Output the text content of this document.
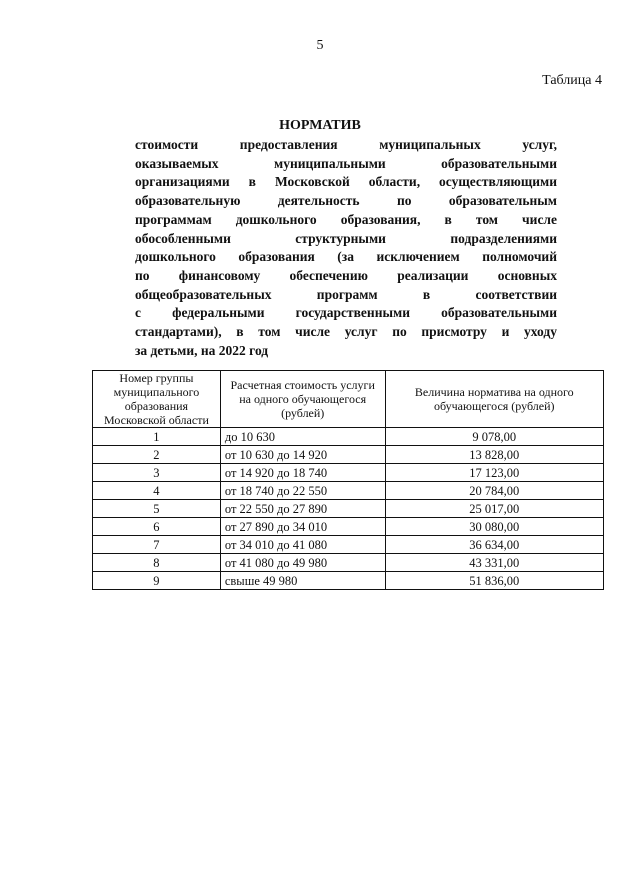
5
Таблица 4
НОРМАТИВ
стоимости предоставления муниципальных услуг,
оказываемых муниципальными образовательными
организациями в Московской области, осуществляющими
образовательную деятельность по образовательным
программам дошкольного образования, в том числе
обособленными структурными подразделениями
дошкольного образования (за исключением полномочий
по финансовому обеспечению реализации основных
общеобразовательных программ в соответствии
с федеральными государственными образовательными
стандартами), в том числе услуг по присмотру и уходу
за детьми, на 2022 год
Номер группы муниципального образования Московской области	Расчетная стоимость услуги на одного обучающегося (рублей)	Величина норматива на одного обучающегося (рублей)
1	до 10 630	9 078,00
2	от 10 630 до 14 920	13 828,00
3	от 14 920 до 18 740	17 123,00
4	от 18 740 до 22 550	20 784,00
5	от 22 550 до 27 890	25 017,00
6	от 27 890 до 34 010	30 080,00
7	от 34 010 до 41 080	36 634,00
8	от 41 080 до 49 980	43 331,00
9	свыше 49 980	51 836,00
